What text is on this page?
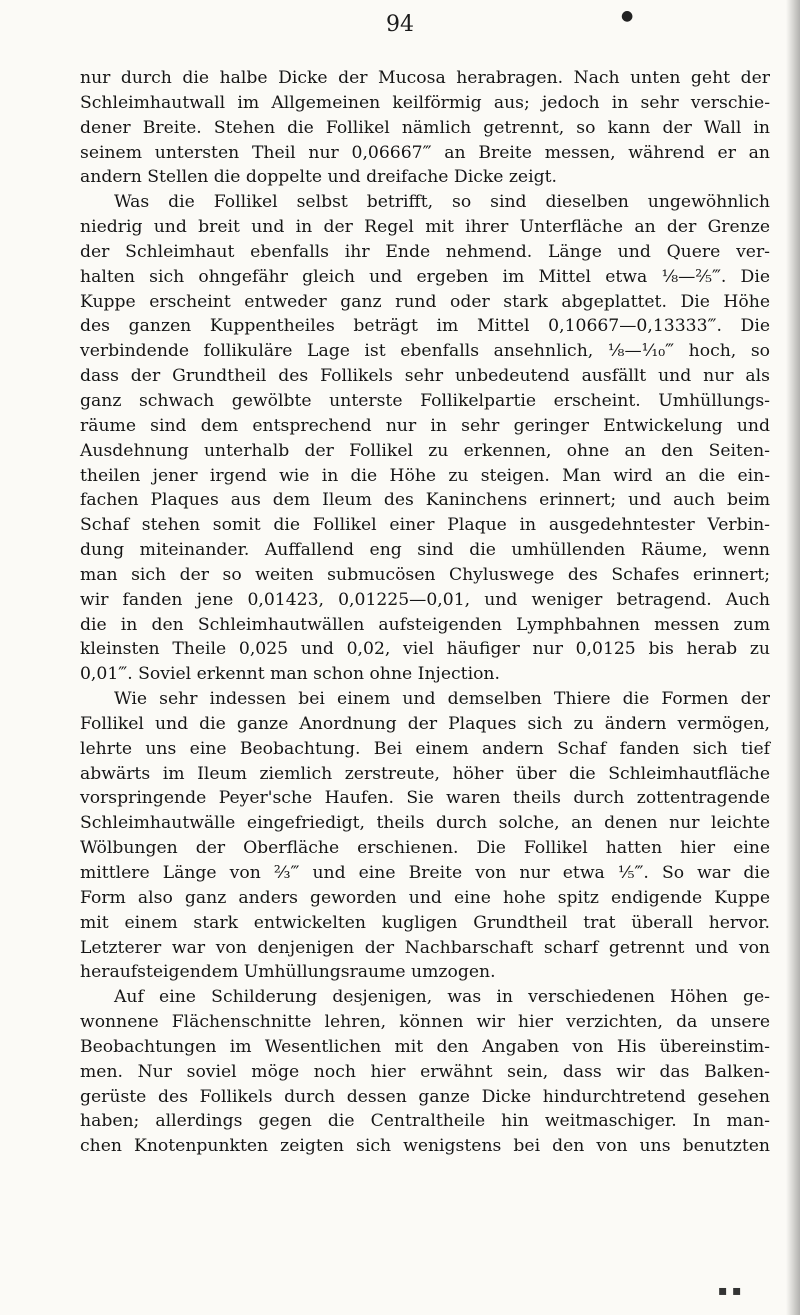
●
94
nur durch die halbe Dicke der Mucosa herabragen. Nach unten geht der
Schleimhautwall im Allgemeinen keilförmig aus; jedoch in sehr verschie-
dener Breite. Stehen die Follikel nämlich getrennt, so kann der Wall in
seinem untersten Theil nur 0,06667‴ an Breite messen, während er an
andern Stellen die doppelte und dreifache Dicke zeigt.
Was die Follikel selbst betrifft, so sind dieselben ungewöhnlich
niedrig und breit und in der Regel mit ihrer Unterfläche an der Grenze
der Schleimhaut ebenfalls ihr Ende nehmend. Länge und Quere ver-
halten sich ohngefähr gleich und ergeben im Mittel etwa ⅛—²⁄₅‴. Die
Kuppe erscheint entweder ganz rund oder stark abgeplattet. Die Höhe
des ganzen Kuppentheiles beträgt im Mittel 0,10667—0,13333‴. Die
verbindende follikuläre Lage ist ebenfalls ansehnlich, ⅛—¹⁄₁₀‴ hoch, so
dass der Grundtheil des Follikels sehr unbedeutend ausfällt und nur als
ganz schwach gewölbte unterste Follikelpartie erscheint. Umhüllungs-
räume sind dem entsprechend nur in sehr geringer Entwickelung und
Ausdehnung unterhalb der Follikel zu erkennen, ohne an den Seiten-
theilen jener irgend wie in die Höhe zu steigen. Man wird an die ein-
fachen Plaques aus dem Ileum des Kaninchens erinnert; und auch beim
Schaf stehen somit die Follikel einer Plaque in ausgedehntester Verbin-
dung miteinander. Auffallend eng sind die umhüllenden Räume, wenn
man sich der so weiten submucösen Chyluswege des Schafes erinnert;
wir fanden jene 0,01423, 0,01225—0,01, und weniger betragend. Auch
die in den Schleimhautwällen aufsteigenden Lymphbahnen messen zum
kleinsten Theile 0,025 und 0,02, viel häufiger nur 0,0125 bis herab zu
0,01‴. Soviel erkennt man schon ohne Injection.
Wie sehr indessen bei einem und demselben Thiere die Formen der
Follikel und die ganze Anordnung der Plaques sich zu ändern vermögen,
lehrte uns eine Beobachtung. Bei einem andern Schaf fanden sich tief
abwärts im Ileum ziemlich zerstreute, höher über die Schleimhautfläche
vorspringende Peyer'sche Haufen. Sie waren theils durch zottentragende
Schleimhautwälle eingefriedigt, theils durch solche, an denen nur leichte
Wölbungen der Oberfläche erschienen. Die Follikel hatten hier eine
mittlere Länge von ²⁄₃‴ und eine Breite von nur etwa ⅕‴. So war die
Form also ganz anders geworden und eine hohe spitz endigende Kuppe
mit einem stark entwickelten kugligen Grundtheil trat überall hervor.
Letzterer war von denjenigen der Nachbarschaft scharf getrennt und von
heraufsteigendem Umhüllungsraume umzogen.
Auf eine Schilderung desjenigen, was in verschiedenen Höhen ge-
wonnene Flächenschnitte lehren, können wir hier verzichten, da unsere
Beobachtungen im Wesentlichen mit den Angaben von His übereinstim-
men. Nur soviel möge noch hier erwähnt sein, dass wir das Balken-
gerüste des Follikels durch dessen ganze Dicke hindurchtretend gesehen
haben; allerdings gegen die Centraltheile hin weitmaschiger. In man-
chen Knotenpunkten zeigten sich wenigstens bei den von uns benutzten
▪ ▪
